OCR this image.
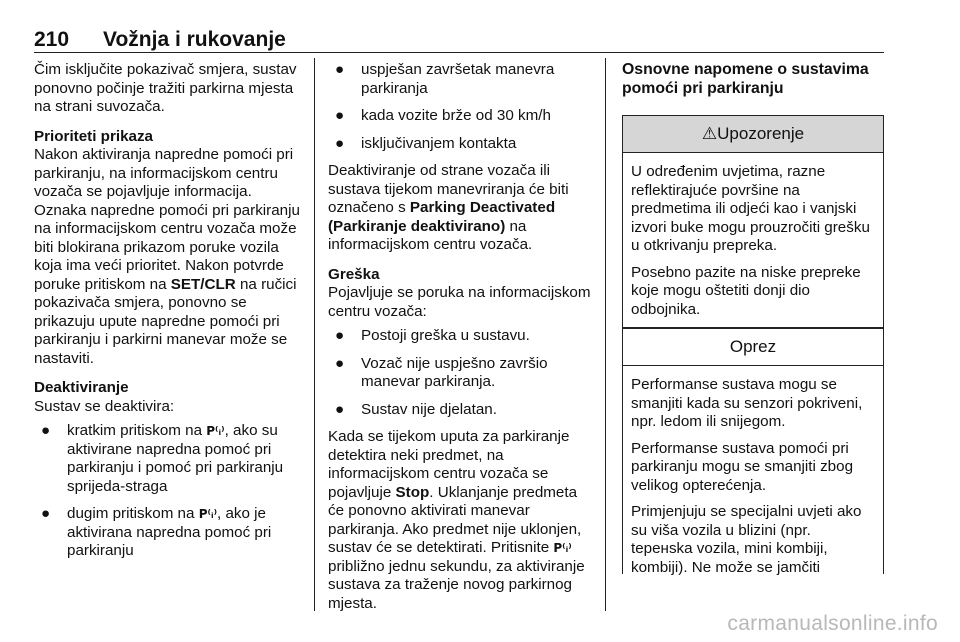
210 Vožnja i rukovanje

Čim isključite pokazivač smjera, sustav ponovno počinje tražiti parkirna mjesta na strani suvozača.

Prioriteti prikaza
Nakon aktiviranja napredne pomoći pri parkiranju, na informacijskom centru vozača se pojavljuje informacija. Oznaka napredne pomoći pri parkiranju na informacijskom centru vozača može biti blokirana prikazom poruke vozila koja ima veći prioritet. Nakon potvrde poruke pritiskom na SET/CLR na ručici pokazivača smjera, ponovno se prikazuju upute napredne pomoći pri parkiranju i parkirni manevar može se nastaviti.

Deaktiviranje
Sustav se deaktivira:

● kratkim pritiskom na P⁽ᵢ⁾, ako su aktivirane napredna pomoć pri parkiranju i pomoć pri parkiranju sprijeda-straga
● dugim pritiskom na P⁽ᵢ⁾, ako je aktivirana napredna pomoć pri parkiranju
● uspješan završetak manevra parkiranja
● kada vozite brže od 30 km/h
● isključivanjem kontakta

Deaktiviranje od strane vozača ili sustava tijekom manevriranja će biti označeno s Parking Deactivated (Parkiranje deaktivirano) na informacijskom centru vozača.

Greška
Pojavljuje se poruka na informacijskom centru vozača:

● Postoji greška u sustavu.
● Vozač nije uspješno završio manevar parkiranja.
● Sustav nije djelatan.

Kada se tijekom uputa za parkiranje detektira neki predmet, na informacijskom centru vozača se pojavljuje Stop. Uklanjanje predmeta će ponovno aktivirati manevar parkiranja. Ako predmet nije uklonjen, sustav će se detektirati. Pritisnite P⁽ᵢ⁾ približno jednu sekundu, za aktiviranje sustava za traženje novog parkirnog mjesta.

Osnovne napomene o sustavima pomoći pri parkiranju
⚠Upozorenje

U određenim uvjetima, razne reflektirajuće površine na predmetima ili odjeći kao i vanjski izvori buke mogu prouzročiti grešku u otkrivanju prepreka.

Posebno pazite na niske prepreke koje mogu oštetiti donji dio odbojnika.

Oprez

Performanse sustava mogu se smanjiti kada su senzori pokriveni, npr. ledom ili snijegom.

Performanse sustava pomoći pri parkiranju mogu se smanjiti zbog velikog opterećenja.

Primjenjuju se specijalni uvjeti ako su viša vozila u blizini (npr. teренska vozila, mini kombiji, kombiji). Ne može se jamčiti

carmanualsonline.info
